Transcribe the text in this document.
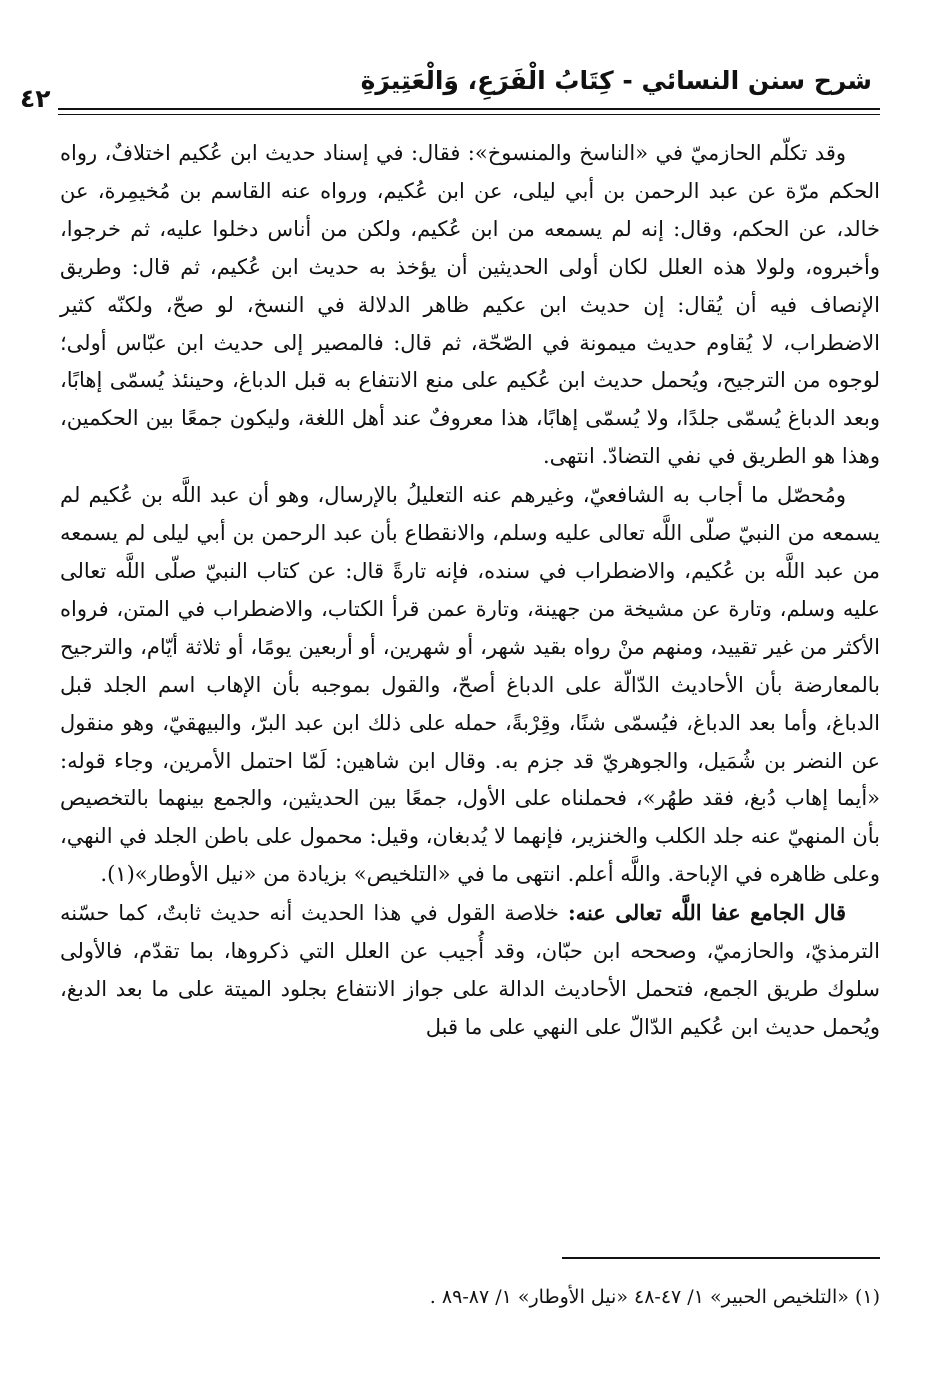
شرح سنن النسائي - كِتَابُ الْفَرَعِ، وَالْعَتِيرَةِ
٤٢

وقد تكلّم الحازميّ في «الناسخ والمنسوخ»: فقال: في إسناد حديث ابن عُكيم اختلافٌ، رواه الحكم مرّة عن عبد الرحمن بن أبي ليلى، عن ابن عُكيم، ورواه عنه القاسم بن مُخيمِرة، عن خالد، عن الحكم، وقال: إنه لم يسمعه من ابن عُكيم، ولكن من أناس دخلوا عليه، ثم خرجوا، وأخبروه، ولولا هذه العلل لكان أولى الحديثين أن يؤخذ به حديث ابن عُكيم، ثم قال: وطريق الإنصاف فيه أن يُقال: إن حديث ابن عكيم ظاهر الدلالة في النسخ، لو صحّ، ولكنّه كثير الاضطراب، لا يُقاوم حديث ميمونة في الصّحّة، ثم قال: فالمصير إلى حديث ابن عبّاس أولى؛ لوجوه من الترجيح، ويُحمل حديث ابن عُكيم على منع الانتفاع به قبل الدباغ، وحينئذ يُسمّى إهابًا، وبعد الدباغ يُسمّى جلدًا، ولا يُسمّى إهابًا، هذا معروفٌ عند أهل اللغة، وليكون جمعًا بين الحكمين، وهذا هو الطريق في نفي التضادّ. انتهى.

ومُحصّل ما أجاب به الشافعيّ، وغيرهم عنه التعليلُ بالإرسال، وهو أن عبد اللَّه بن عُكيم لم يسمعه من النبيّ صلّى اللَّه تعالى عليه وسلم، والانقطاع بأن عبد الرحمن بن أبي ليلى لم يسمعه من عبد اللَّه بن عُكيم، والاضطراب في سنده، فإنه تارةً قال: عن كتاب النبيّ صلّى اللَّه تعالى عليه وسلم، وتارة عن مشيخة من جهينة، وتارة عمن قرأ الكتاب، والاضطراب في المتن، فرواه الأكثر من غير تقييد، ومنهم منْ رواه بقيد شهر، أو شهرين، أو أربعين يومًا، أو ثلاثة أيّام، والترجيح بالمعارضة بأن الأحاديث الدّالّة على الدباغ أصحّ، والقول بموجبه بأن الإهاب اسم الجلد قبل الدباغ، وأما بعد الدباغ، فيُسمّى شنًا، وقِرْبةً، حمله على ذلك ابن عبد البرّ، والبيهقيّ، وهو منقول عن النضر بن شُمَيل، والجوهريّ قد جزم به. وقال ابن شاهين: لَمّا احتمل الأمرين، وجاء قوله: «أيما إهاب دُبغ، فقد طهُر»، فحملناه على الأول، جمعًا بين الحديثين، والجمع بينهما بالتخصيص بأن المنهيّ عنه جلد الكلب والخنزير، فإنهما لا يُدبغان، وقيل: محمول على باطن الجلد في النهي، وعلى ظاهره في الإباحة. واللَّه أعلم. انتهى ما في «التلخيص» بزيادة من «نيل الأوطار»(١).

قال الجامع عفا اللَّه تعالى عنه: خلاصة القول في هذا الحديث أنه حديث ثابتٌ، كما حسّنه الترمذيّ، والحازميّ، وصححه ابن حبّان، وقد أُجيب عن العلل التي ذكروها، بما تقدّم، فالأولى سلوك طريق الجمع، فتحمل الأحاديث الدالة على جواز الانتفاع بجلود الميتة على ما بعد الدبغ، ويُحمل حديث ابن عُكيم الدّالّ على النهي على ما قبل

(١) «التلخيص الحبير» ١/ ٤٧-٤٨ «نيل الأوطار» ١/ ٨٧-٨٩ .
